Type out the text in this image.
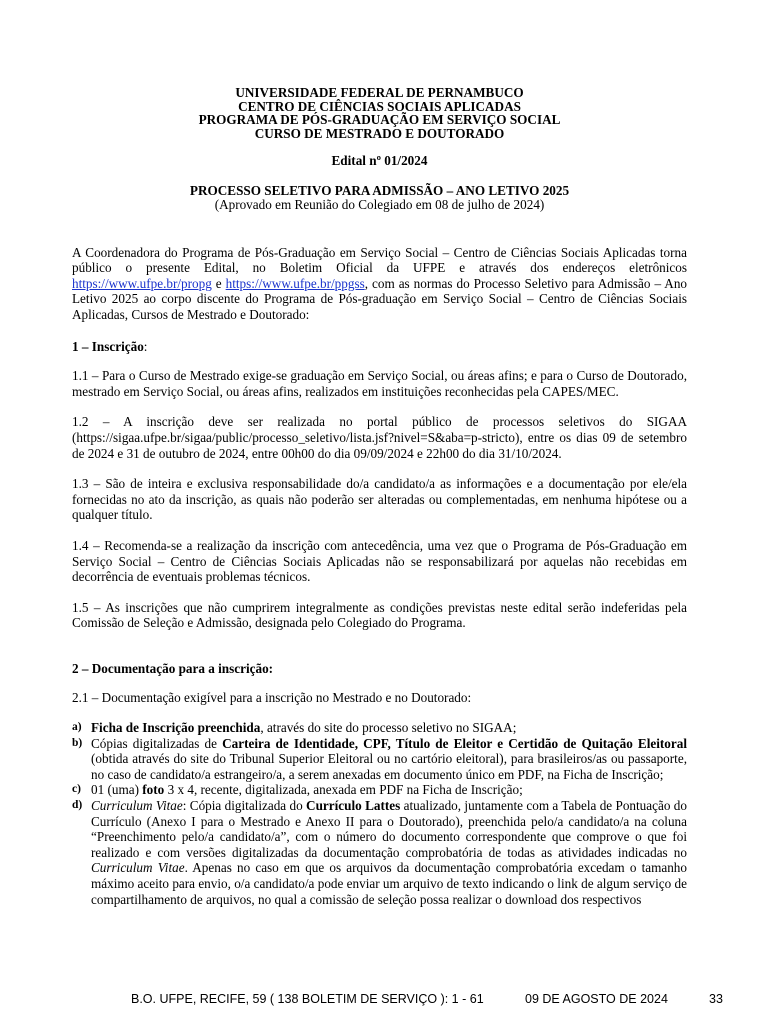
UNIVERSIDADE FEDERAL DE PERNAMBUCO
CENTRO DE CIÊNCIAS SOCIAIS APLICADAS
PROGRAMA DE PÓS-GRADUAÇÃO EM SERVIÇO SOCIAL
CURSO DE MESTRADO E DOUTORADO
Edital nº 01/2024
PROCESSO SELETIVO PARA ADMISSÃO – ANO LETIVO 2025
(Aprovado em Reunião do Colegiado em 08 de julho de 2024)

A Coordenadora do Programa de Pós-Graduação em Serviço Social – Centro de Ciências Sociais Aplicadas torna público o presente Edital, no Boletim Oficial da UFPE e através dos endereços eletrônicos https://www.ufpe.br/propg e https://www.ufpe.br/ppgss, com as normas do Processo Seletivo para Admissão – Ano Letivo 2025 ao corpo discente do Programa de Pós-graduação em Serviço Social – Centro de Ciências Sociais Aplicadas, Cursos de Mestrado e Doutorado:

1 – Inscrição:

1.1 – Para o Curso de Mestrado exige-se graduação em Serviço Social, ou áreas afins; e para o Curso de Doutorado, mestrado em Serviço Social, ou áreas afins, realizados em instituições reconhecidas pela CAPES/MEC.

1.2 – A inscrição deve ser realizada no portal público de processos seletivos do SIGAA (https://sigaa.ufpe.br/sigaa/public/processo_seletivo/lista.jsf?nivel=S&aba=p-stricto), entre os dias 09 de setembro de 2024 e 31 de outubro de 2024, entre 00h00 do dia 09/09/2024 e 22h00 do dia 31/10/2024.

1.3 – São de inteira e exclusiva responsabilidade do/a candidato/a as informações e a documentação por ele/ela fornecidas no ato da inscrição, as quais não poderão ser alteradas ou complementadas, em nenhuma hipótese ou a qualquer título.

1.4 – Recomenda-se a realização da inscrição com antecedência, uma vez que o Programa de Pós-Graduação em Serviço Social – Centro de Ciências Sociais Aplicadas não se responsabilizará por aquelas não recebidas em decorrência de eventuais problemas técnicos.

1.5 – As inscrições que não cumprirem integralmente as condições previstas neste edital serão indeferidas pela Comissão de Seleção e Admissão, designada pelo Colegiado do Programa.

2 – Documentação para a inscrição:

2.1 – Documentação exigível para a inscrição no Mestrado e no Doutorado:

a) Ficha de Inscrição preenchida, através do site do processo seletivo no SIGAA;
b) Cópias digitalizadas de Carteira de Identidade, CPF, Título de Eleitor e Certidão de Quitação Eleitoral (obtida através do site do Tribunal Superior Eleitoral ou no cartório eleitoral), para brasileiros/as ou passaporte, no caso de candidato/a estrangeiro/a, a serem anexadas em documento único em PDF, na Ficha de Inscrição;
c) 01 (uma) foto 3 x 4, recente, digitalizada, anexada em PDF na Ficha de Inscrição;
d) Curriculum Vitae: Cópia digitalizada do Currículo Lattes atualizado, juntamente com a Tabela de Pontuação do Currículo (Anexo I para o Mestrado e Anexo II para o Doutorado), preenchida pelo/a candidato/a na coluna “Preenchimento pelo/a candidato/a”, com o número do documento correspondente que comprove o que foi realizado e com versões digitalizadas da documentação comprobatória de todas as atividades indicadas no Curriculum Vitae. Apenas no caso em que os arquivos da documentação comprobatória excedam o tamanho máximo aceito para envio, o/a candidato/a pode enviar um arquivo de texto indicando o link de algum serviço de compartilhamento de arquivos, no qual a comissão de seleção possa realizar o download dos respectivos
B.O. UFPE, RECIFE, 59 ( 138 BOLETIM DE SERVIÇO ): 1 - 61	09 DE AGOSTO DE 2024	33
